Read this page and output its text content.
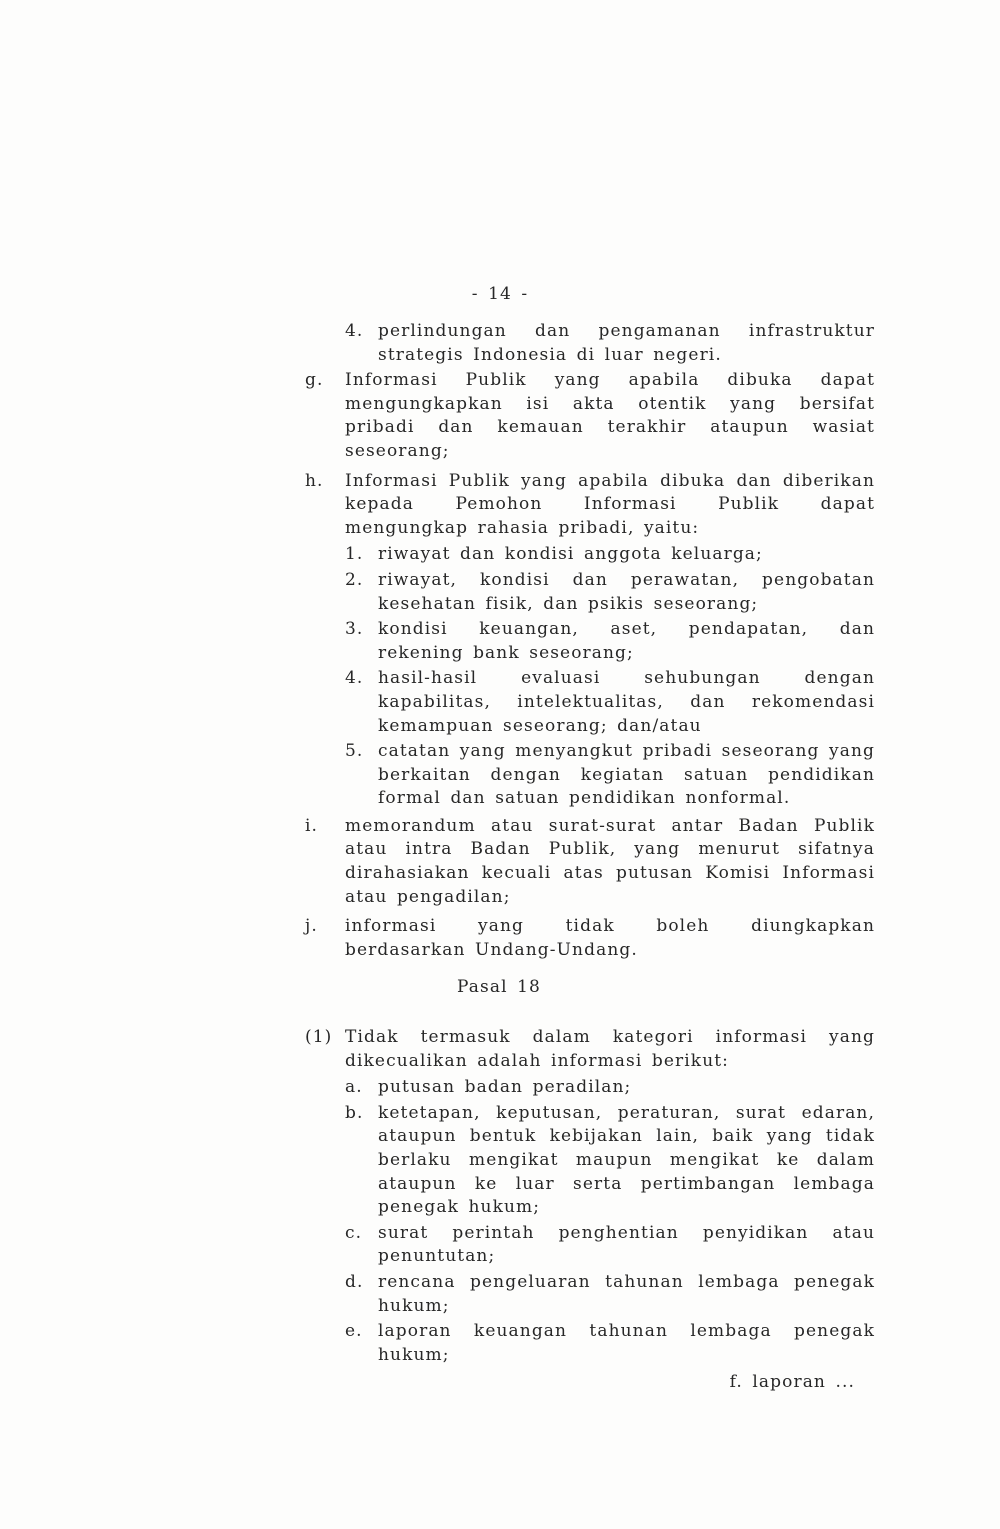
- 14 -
4. perlindungan dan pengamanan infrastruktur strategis Indonesia di luar negeri.
g.	Informasi Publik yang apabila dibuka dapat mengungkapkan isi akta otentik yang bersifat pribadi dan kemauan terakhir ataupun wasiat seseorang;
h.	Informasi Publik yang apabila dibuka dan diberikan kepada Pemohon Informasi Publik dapat mengungkap rahasia pribadi, yaitu:
1. riwayat dan kondisi anggota keluarga;
2. riwayat, kondisi dan perawatan, pengobatan kesehatan fisik, dan psikis seseorang;
3. kondisi keuangan, aset, pendapatan, dan rekening bank seseorang;
4. hasil-hasil evaluasi sehubungan dengan kapabilitas, intelektualitas, dan rekomendasi kemampuan seseorang; dan/atau
5. catatan yang menyangkut pribadi seseorang yang berkaitan dengan kegiatan satuan pendidikan formal dan satuan pendidikan nonformal.
i.	memorandum atau surat-surat antar Badan Publik atau intra Badan Publik, yang menurut sifatnya dirahasiakan kecuali atas putusan Komisi Informasi atau pengadilan;
j.	informasi yang tidak boleh diungkapkan berdasarkan Undang-Undang.
Pasal 18
(1) Tidak termasuk dalam kategori informasi yang dikecualikan adalah informasi berikut:
a. putusan badan peradilan;
b. ketetapan, keputusan, peraturan, surat edaran, ataupun bentuk kebijakan lain, baik yang tidak berlaku mengikat maupun mengikat ke dalam ataupun ke luar serta pertimbangan lembaga penegak hukum;
c. surat perintah penghentian penyidikan atau penuntutan;
d. rencana pengeluaran tahunan lembaga penegak hukum;
e. laporan keuangan tahunan lembaga penegak hukum;
f. laporan ...
